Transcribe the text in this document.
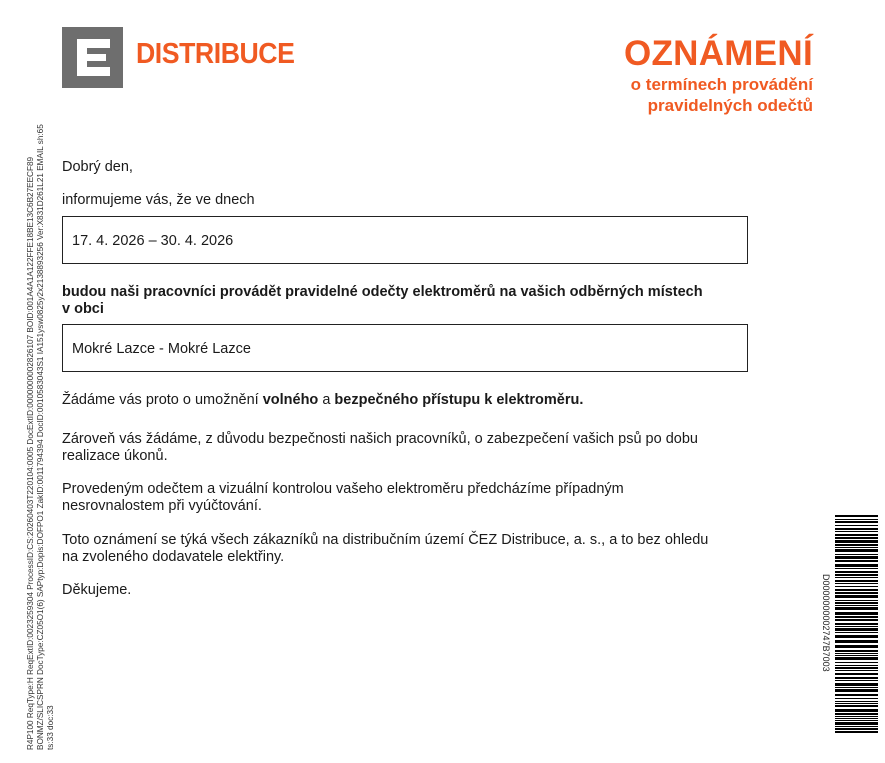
DISTRIBUCE	OZNÁMENÍ
o termínech provádění
pravidelných odečtů
R4P100 ReqType:H ReqExtID:0023259304 ProcessID:CS:20260403T220104:0005 DocExtID:0000000002826107 BOID:001A4A1A122FFE18BE13C6B27EECF89 BONMZ/SLICSPRN DocType:CZ05O1(6) SAPtyp:Dopis:DOFPO1 ZakID:0011794394 DocID:0010583043S1 IA151ysw0825y2x2138893256 Ver:X831D261L21 EMAIL sh:65 ts:33 doc:33
Dobrý den,
informujeme vás, že ve dnech
17. 4. 2026 – 30. 4. 2026
budou naši pracovníci provádět pravidelné odečty elektroměrů na vašich odběrných místech
v obci
Mokré Lazce - Mokré Lazce
Žádáme vás proto o umožnění volného a bezpečného přístupu k elektroměru.
Zároveň vás žádáme, z důvodu bezpečnosti našich pracovníků, o zabezpečení vašich psů po dobu
realizace úkonů.
Provedeným odečtem a vizuální kontrolou vašeho elektroměru předcházíme případným
nesrovnalostem při vyúčtování.
Toto oznámení se týká všech zákazníků na distribučním území ČEZ Distribuce, a. s., a to bez ohledu
na zvoleného dodavatele elektřiny.
Děkujeme.	D0000000002747B7003
